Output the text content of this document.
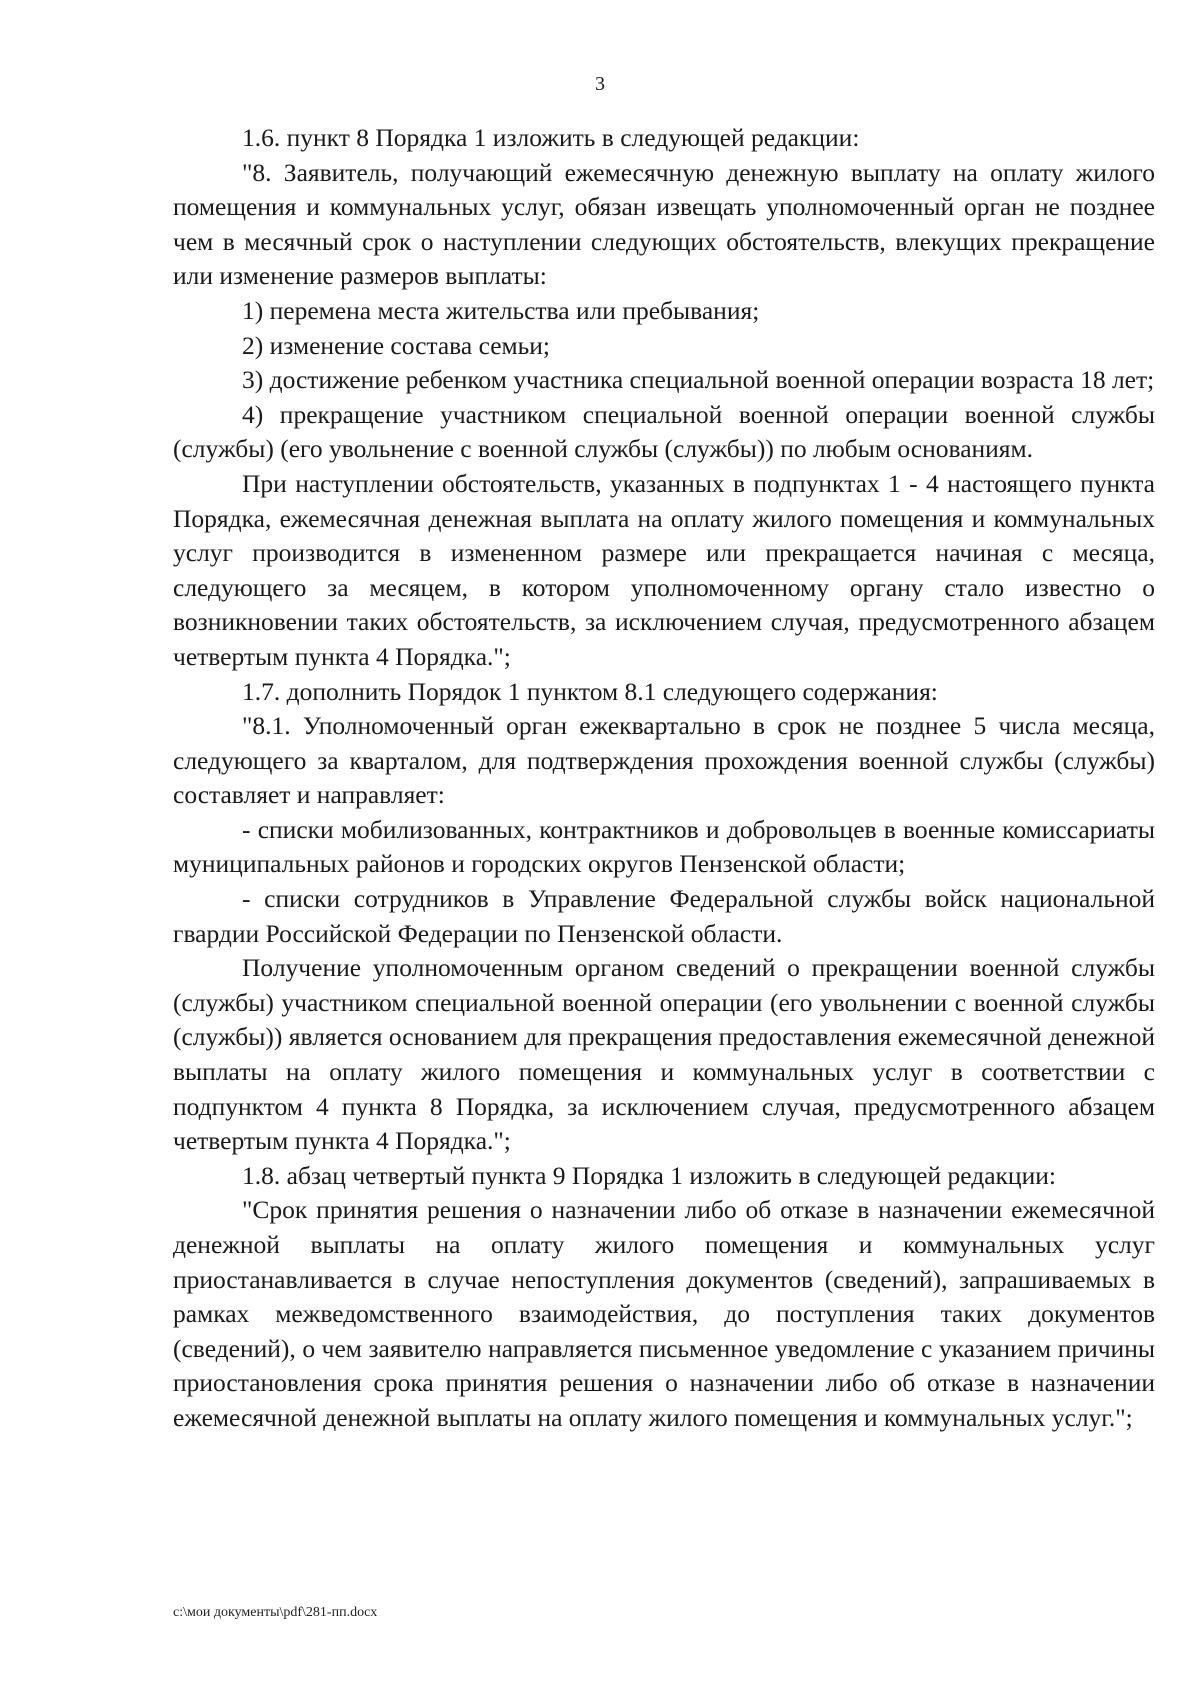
3

1.6. пункт 8 Порядка 1 изложить в следующей редакции:

"8. Заявитель, получающий ежемесячную денежную выплату на оплату жилого помещения и коммунальных услуг, обязан извещать уполномоченный орган не позднее чем в месячный срок о наступлении следующих обстоятельств, влекущих прекращение или изменение размеров выплаты:

1) перемена места жительства или пребывания;

2) изменение состава семьи;

3) достижение ребенком участника специальной военной операции возраста 18 лет;

4) прекращение участником специальной военной операции военной службы (службы) (его увольнение с военной службы (службы)) по любым основаниям.

При наступлении обстоятельств, указанных в подпунктах 1 - 4 настоящего пункта Порядка, ежемесячная денежная выплата на оплату жилого помещения и коммунальных услуг производится в измененном размере или прекращается начиная с месяца, следующего за месяцем, в котором уполномоченному органу стало известно о возникновении таких обстоятельств, за исключением случая, предусмотренного абзацем четвертым пункта 4 Порядка.";

1.7. дополнить Порядок 1 пунктом 8.1 следующего содержания:

"8.1. Уполномоченный орган ежеквартально в срок не позднее 5 числа месяца, следующего за кварталом, для подтверждения прохождения военной службы (службы) составляет и направляет:

- списки мобилизованных, контрактников и добровольцев в военные комиссариаты муниципальных районов и городских округов Пензенской области;

- списки сотрудников в Управление Федеральной службы войск национальной гвардии Российской Федерации по Пензенской области.

Получение уполномоченным органом сведений о прекращении военной службы (службы) участником специальной военной операции (его увольнении с военной службы (службы)) является основанием для прекращения предоставления ежемесячной денежной выплаты на оплату жилого помещения и коммунальных услуг в соответствии с подпунктом 4 пункта 8 Порядка, за исключением случая, предусмотренного абзацем четвертым пункта 4 Порядка.";

1.8. абзац четвертый пункта 9 Порядка 1 изложить в следующей редакции:

"Срок принятия решения о назначении либо об отказе в назначении ежемесячной денежной выплаты на оплату жилого помещения и коммунальных услуг приостанавливается в случае непоступления документов (сведений), запрашиваемых в рамках межведомственного взаимодействия, до поступления таких документов (сведений), о чем заявителю направляется письменное уведомление с указанием причины приостановления срока принятия решения о назначении либо об отказе в назначении ежемесячной денежной выплаты на оплату жилого помещения и коммунальных услуг.";

c:\мои документы\pdf\281-пп.docx
